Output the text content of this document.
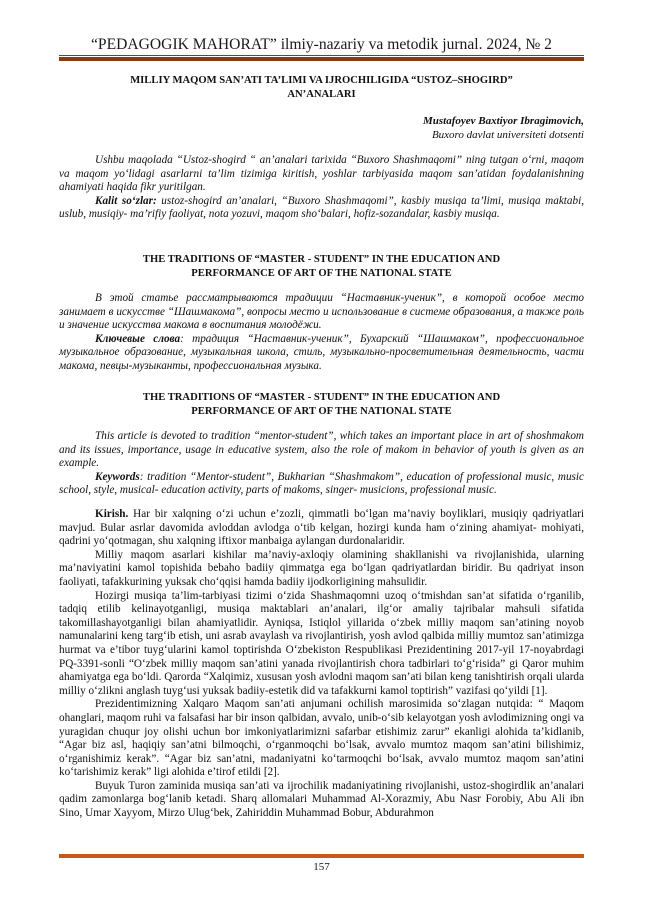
“PEDAGOGIK MAHORAT” ilmiy-nazariy va metodik jurnal. 2024, № 2
MILLIY MAQOM SAN’ATI TA’LIMI VA IJROCHILIGIDA “USTOZ–SHOGIRD”
AN’ANALARI
Mustafoyev Baxtiyor Ibragimovich,
Buxoro davlat universiteti dotsenti

Ushbu maqolada “Ustoz-shogird “ an’analari tarixida “Buxoro Shashmaqomi” ning tutgan o‘rni, maqom va maqom yo‘lidagi asarlarni ta’lim tizimiga kiritish, yoshlar tarbiyasida maqom san’atidan foydalanishning ahamiyati haqida fikr yuritilgan.

Kalit so‘zlar: ustoz-shogird an’analari, “Buxoro Shashmaqomi”, kasbiy musiqa ta’limi, musiqa maktabi, uslub, musiqiy- ma’rifiy faoliyat, nota yozuvi, maqom sho‘balari, hofiz-sozandalar, kasbiy musiqa.

THE TRADITIONS OF “MASTER - STUDENT” IN THE EDUCATION AND
PERFORMANCE OF ART OF THE NATIONAL STATE

В этой статье рассматрываются традиции “Наставник-ученик”, в которой особое место занимает в искусстве “Шашмакома”, вопросы место и использование в системе образования, а также роль и значение искусства макома в воспитания молодёжи.

Ключевые слова: традиция “Наставник-ученик”, Бухарский “Шашмаком”, профессиональное музыкальное образование, музыкальная школа, стиль, музыкально-просветительная деятельность, части макома, певцы-музыканты, профессиональная музыка.

THE TRADITIONS OF “MASTER - STUDENT” IN THE EDUCATION AND
PERFORMANCE OF ART OF THE NATIONAL STATE

This article is devoted to tradition “mentor-student”, which takes an important place in art of shoshmakom and its issues, importance, usage in educative system, also the role of makom in behavior of youth is given as an example.

Keywords: tradition “Mentor-student”, Bukharian “Shashmakom”, education of professional music, music school, style, musical- education activity, parts of makoms, singer- musicions, professional music.

Kirish. Har bir xalqning o‘zi uchun e’zozli, qimmatli bo‘lgan ma’naviy boyliklari, musiqiy qadriyatlari mavjud. Bular asrlar davomida avloddan avlodga o‘tib kelgan, hozirgi kunda ham o‘zining ahamiyat- mohiyati, qadrini yo‘qotmagan, shu xalqning iftixor manbaiga aylangan durdonalaridir.

Milliy maqom asarlari kishilar ma’naviy-axloqiy olamining shakllanishi va rivojlanishida, ularning ma’naviyatini kamol topishida bebaho badiiy qimmatga ega bo‘lgan qadriyatlardan biridir. Bu qadriyat inson faoliyati, tafakkurining yuksak cho‘qqisi hamda badiiy ijodkorligining mahsulidir.

Hozirgi musiqa ta’lim-tarbiyasi tizimi o‘zida Shashmaqomni uzoq o‘tmishdan san’at sifatida o‘rganilib, tadqiq etilib kelinayotganligi, musiqa maktablari an’analari, ilg‘or amaliy tajribalar mahsuli sifatida takomillashayotganligi bilan ahamiyatlidir. Ayniqsa, Istiqlol yillarida o‘zbek milliy maqom san’atining noyob namunalarini keng targ‘ib etish, uni asrab avaylash va rivojlantirish, yosh avlod qalbida milliy mumtoz san’atimizga hurmat va e’tibor tuyg‘ularini kamol toptirishda O‘zbekiston Respublikasi Prezidentining 2017-yil 17-noyabrdagi PQ-3391-sonli “O‘zbek milliy maqom san’atini yanada rivojlantirish chora tadbirlari to‘g‘risida” gi Qaror muhim ahamiyatga ega bo‘ldi. Qarorda “Xalqimiz, xususan yosh avlodni maqom san’ati bilan keng tanishtirish orqali ularda milliy o‘zlikni anglash tuyg‘usi yuksak badiiy-estetik did va tafakkurni kamol toptirish” vazifasi qo‘yildi [1].

Prezidentimizning Xalqaro Maqom san’ati anjumani ochilish marosimida so‘zlagan nutqida: “ Maqom ohanglari, maqom ruhi va falsafasi har bir inson qalbidan, avvalo, unib-o‘sib kelayotgan yosh avlodimizning ongi va yuragidan chuqur joy olishi uchun bor imkoniyatlarimizni safarbar etishimiz zarur” ekanligi alohida ta’kidlanib, “Agar biz asl, haqiqiy san’atni bilmoqchi, o‘rganmoqchi bo‘lsak, avvalo mumtoz maqom san’atini bilishimiz, o‘rganishimiz kerak”. “Agar biz san’atni, madaniyatni ko‘tarmoqchi bo‘lsak, avvalo mumtoz maqom san’atini ko‘tarishimiz kerak” ligi alohida e’tirof etildi [2].

Buyuk Turon zaminida musiqa san’ati va ijrochilik madaniyatining rivojlanishi, ustoz-shogirdlik an’analari qadim zamonlarga bog‘lanib ketadi. Sharq allomalari Muhammad Al-Xorazmiy, Abu Nasr Forobiy, Abu Ali ibn Sino, Umar Xayyom, Mirzo Ulug‘bek, Zahiriddin Muhammad Bobur, Abdurahmon

157
